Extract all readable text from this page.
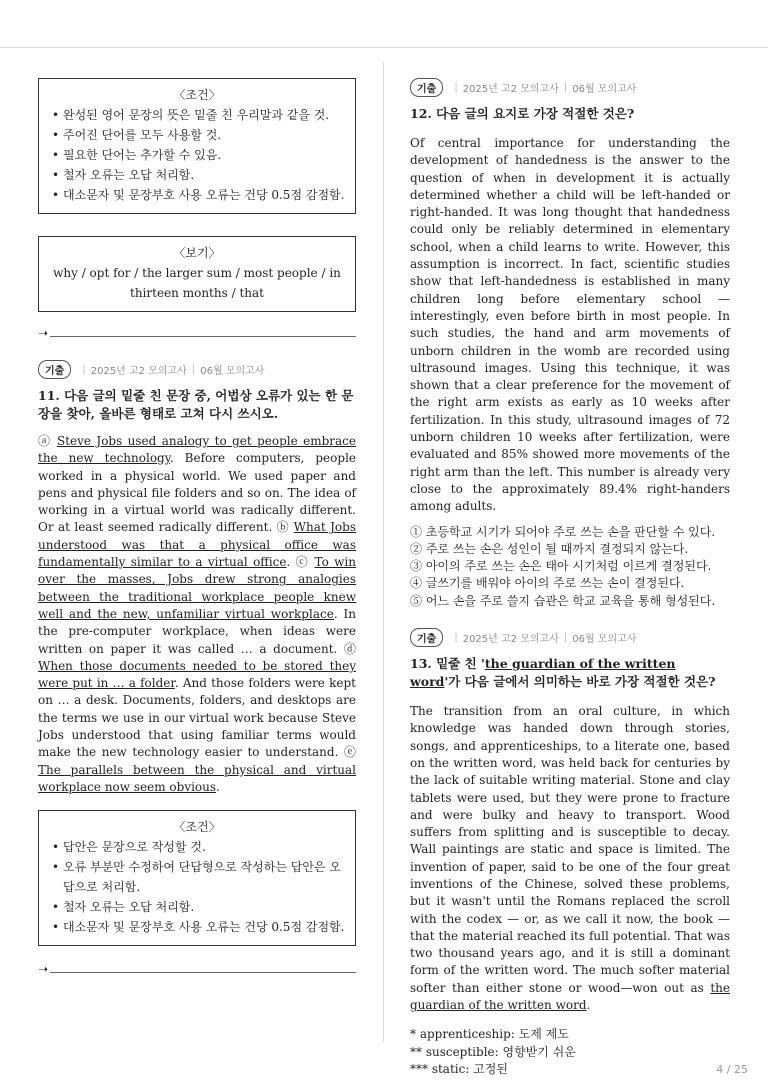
〈조건〉
• 완성된 영어 문장의 뜻은 밑줄 친 우리말과 같을 것.
• 주어진 단어를 모두 사용할 것.
• 필요한 단어는 추가할 수 있음.
• 철자 오류는 오답 처리함.
• 대소문자 및 문장부호 사용 오류는 건당 0.5점 감점함.
〈보기〉
why / opt for / the larger sum / most people / in thirteen months / that
➝
기출	| 2025년 고2 모의고사 | 06월 모의고사
11. 다음 글의 밑줄 친 문장 중, 어법상 오류가 있는 한 문장을 찾아, 올바른 형태로 고쳐 다시 쓰시오.
ⓐ Steve Jobs used analogy to get people embrace the new technology. Before computers, people worked in a physical world. We used paper and pens and physical file folders and so on. The idea of working in a virtual world was radically different. Or at least seemed radically different. ⓑ What Jobs understood was that a physical office was fundamentally similar to a virtual office. ⓒ To win over the masses, Jobs drew strong analogies between the traditional workplace people knew well and the new, unfamiliar virtual workplace. In the pre-computer workplace, when ideas were written on paper it was called … a document. ⓓ When those documents needed to be stored they were put in … a folder. And those folders were kept on … a desk. Documents, folders, and desktops are the terms we use in our virtual work because Steve Jobs understood that using familiar terms would make the new technology easier to understand. ⓔ The parallels between the physical and virtual workplace now seem obvious.
〈조건〉
• 답안은 문장으로 작성할 것.
• 오류 부분만 수정하여 단답형으로 작성하는 답안은 오답으로 처리함.
• 철자 오류는 오답 처리함.
• 대소문자 및 문장부호 사용 오류는 건당 0.5점 감점함.
➝
기출	| 2025년 고2 모의고사 | 06월 모의고사
12. 다음 글의 요지로 가장 적절한 것은?
Of central importance for understanding the development of handedness is the answer to the question of when in development it is actually determined whether a child will be left-handed or right-handed. It was long thought that handedness could only be reliably determined in elementary school, when a child learns to write. However, this assumption is incorrect. In fact, scientific studies show that left-handedness is established in many children long before elementary school — interestingly, even before birth in most people. In such studies, the hand and arm movements of unborn children in the womb are recorded using ultrasound images. Using this technique, it was shown that a clear preference for the movement of the right arm exists as early as 10 weeks after fertilization. In this study, ultrasound images of 72 unborn children 10 weeks after fertilization, were evaluated and 85% showed more movements of the right arm than the left. This number is already very close to the approximately 89.4% right-handers among adults.
① 초등학교 시기가 되어야 주로 쓰는 손을 판단할 수 있다.
② 주로 쓰는 손은 성인이 될 때까지 결정되지 않는다.
③ 아이의 주로 쓰는 손은 태아 시기처럼 이르게 결정된다.
④ 글쓰기를 배워야 아이의 주로 쓰는 손이 결정된다.
⑤ 어느 손을 주로 쓸지 습관은 학교 교육을 통해 형성된다.
기출	| 2025년 고2 모의고사 | 06월 모의고사
13. 밑줄 친 'the guardian of the written word'가 다음 글에서 의미하는 바로 가장 적절한 것은?
The transition from an oral culture, in which knowledge was handed down through stories, songs, and apprenticeships, to a literate one, based on the written word, was held back for centuries by the lack of suitable writing material. Stone and clay tablets were used, but they were prone to fracture and were bulky and heavy to transport. Wood suffers from splitting and is susceptible to decay. Wall paintings are static and space is limited. The invention of paper, said to be one of the four great inventions of the Chinese, solved these problems, but it wasn't until the Romans replaced the scroll with the codex — or, as we call it now, the book — that the material reached its full potential. That was two thousand years ago, and it is still a dominant form of the written word. The much softer material softer than either stone or wood—won out as the guardian of the written word.
* apprenticeship: 도제 제도
** susceptible: 영향받기 쉬운
*** static: 고정된	4 / 25
